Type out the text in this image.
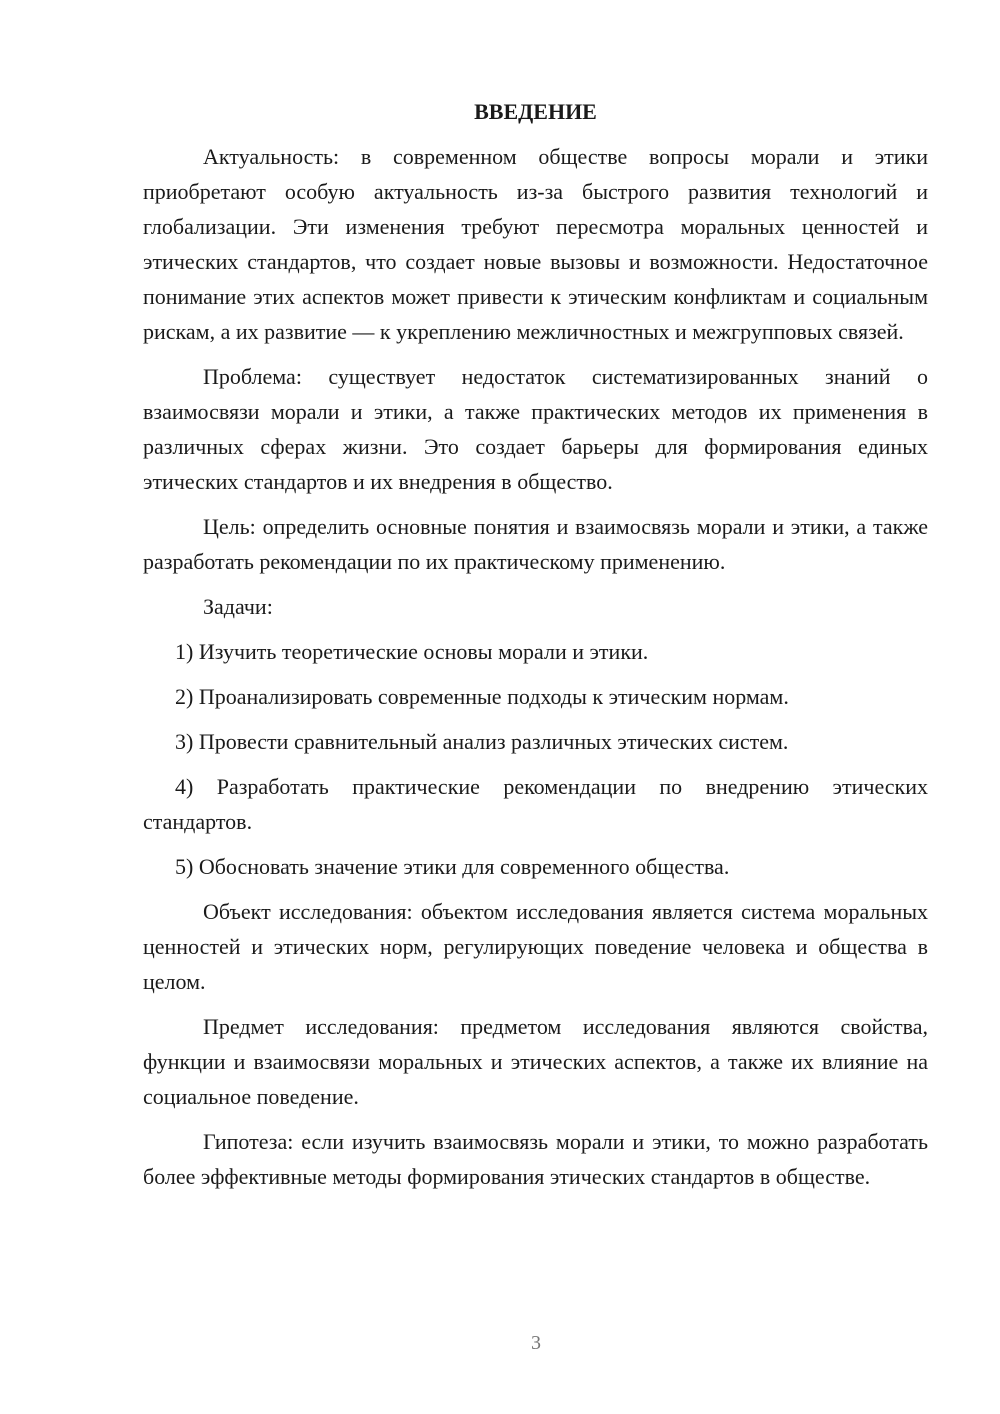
ВВЕДЕНИЕ

Актуальность: в современном обществе вопросы морали и этики приобретают особую актуальность из-за быстрого развития технологий и глобализации. Эти изменения требуют пересмотра моральных ценностей и этических стандартов, что создает новые вызовы и возможности. Недостаточное понимание этих аспектов может привести к этическим конфликтам и социальным рискам, а их развитие — к укреплению межличностных и межгрупповых связей.

Проблема: существует недостаток систематизированных знаний о взаимосвязи морали и этики, а также практических методов их применения в различных сферах жизни. Это создает барьеры для формирования единых этических стандартов и их внедрения в общество.

Цель: определить основные понятия и взаимосвязь морали и этики, а также разработать рекомендации по их практическому применению.

Задачи:

1) Изучить теоретические основы морали и этики.

2) Проанализировать современные подходы к этическим нормам.

3) Провести сравнительный анализ различных этических систем.

4) Разработать практические рекомендации по внедрению этических стандартов.

5) Обосновать значение этики для современного общества.

Объект исследования: объектом исследования является система моральных ценностей и этических норм, регулирующих поведение человека и общества в целом.

Предмет исследования: предметом исследования являются свойства, функции и взаимосвязи моральных и этических аспектов, а также их влияние на социальное поведение.

Гипотеза: если изучить взаимосвязь морали и этики, то можно разработать более эффективные методы формирования этических стандартов в обществе.

3
